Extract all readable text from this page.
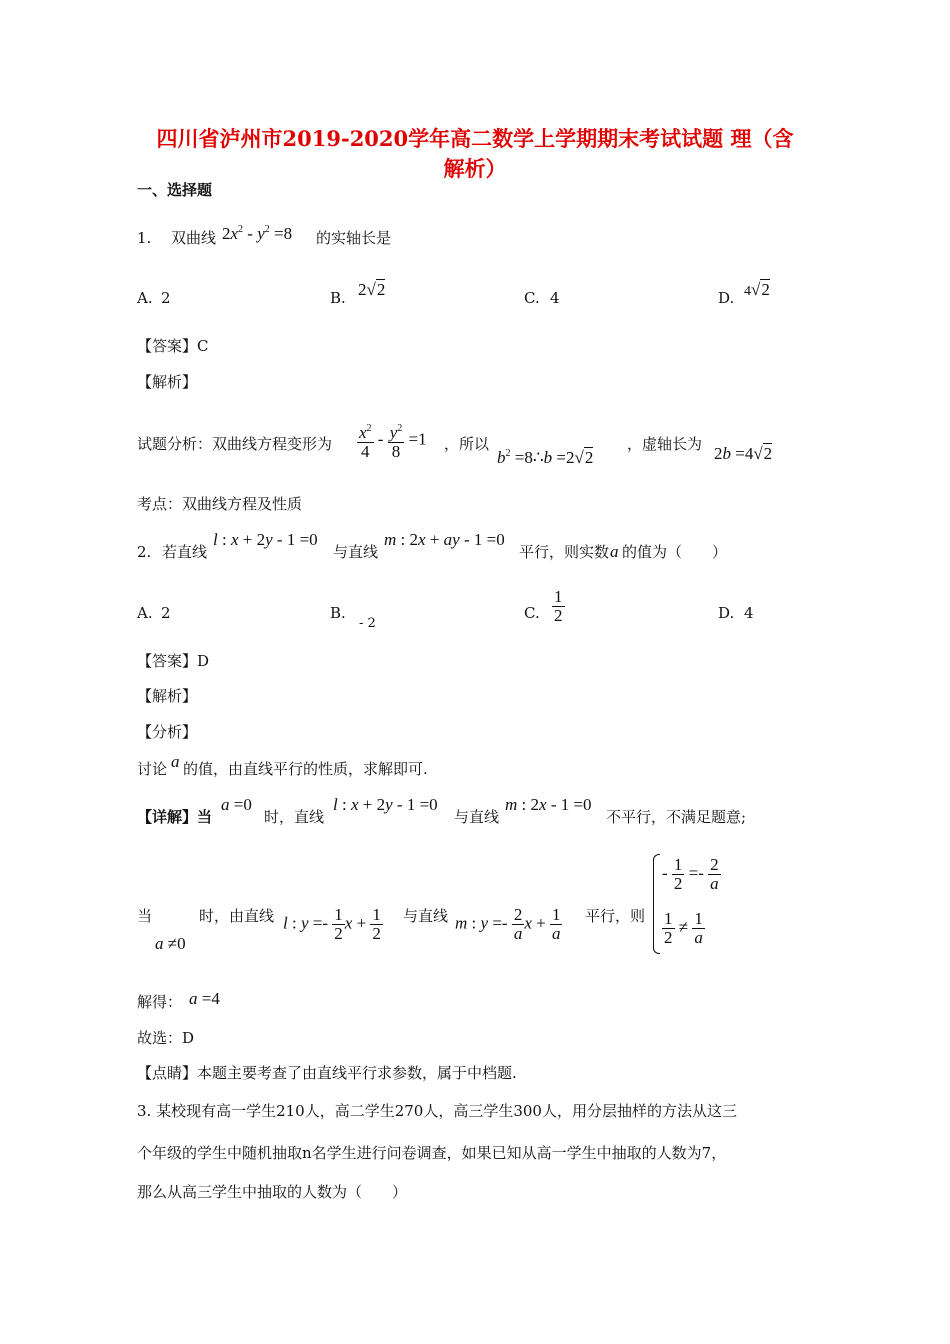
四川省泸州市2019-2020学年高二数学上学期期末考试试题 理（含
解析）
一、选择题
1. 双曲线 $2x^2 - y^2 =8$ 的实轴长是
A. 2	B. 2√2	C. 4	D. 4√2
【答案】C
【解析】
试题分析：双曲线方程变形为 $\frac{x^2}{4} - \frac{y^2}{8} =1$ ，所以
$b^2$ =8∴b =2√2
，虚轴长为 2b =4√2
考点：双曲线方程及性质
2. 若直线
l : x + 2y - 1 =0
与直线
m : 2x + ay - 1 =0
平行，则实数 a 的值为（　　）
A. 2	B.
- 2
C. $\frac{1}{2}$	D. 4
【答案】D
【解析】
【分析】
讨论 a 的值，由直线平行的性质，求解即可.
【详解】当
a =0
时，直线
l : x + 2y - 1 =0
与直线
m : 2x - 1 =0
不平行，不满足题意;
当
a ≠0
时，由直线 l : $y =- \frac{1}{2}$ $x + \frac{1}{2}$ 与直线 m : $y =- \frac{2}{a}$ $x + \frac{1}{a}$ 平行，则
- $\frac{1}{2} =- \frac{2}{a}$
$\frac{1}{2} \ne \frac{1}{a}$
解得： a =4
故选：D
【点睛】本题主要考查了由直线平行求参数，属于中档题.
3. 某校现有高一学生210人，高二学生270人，高三学生300人，用分层抽样的方法从这三
个年级的学生中随机抽取n名学生进行问卷调查，如果已知从高一学生中抽取的人数为7，
那么从高三学生中抽取的人数为（　　）
